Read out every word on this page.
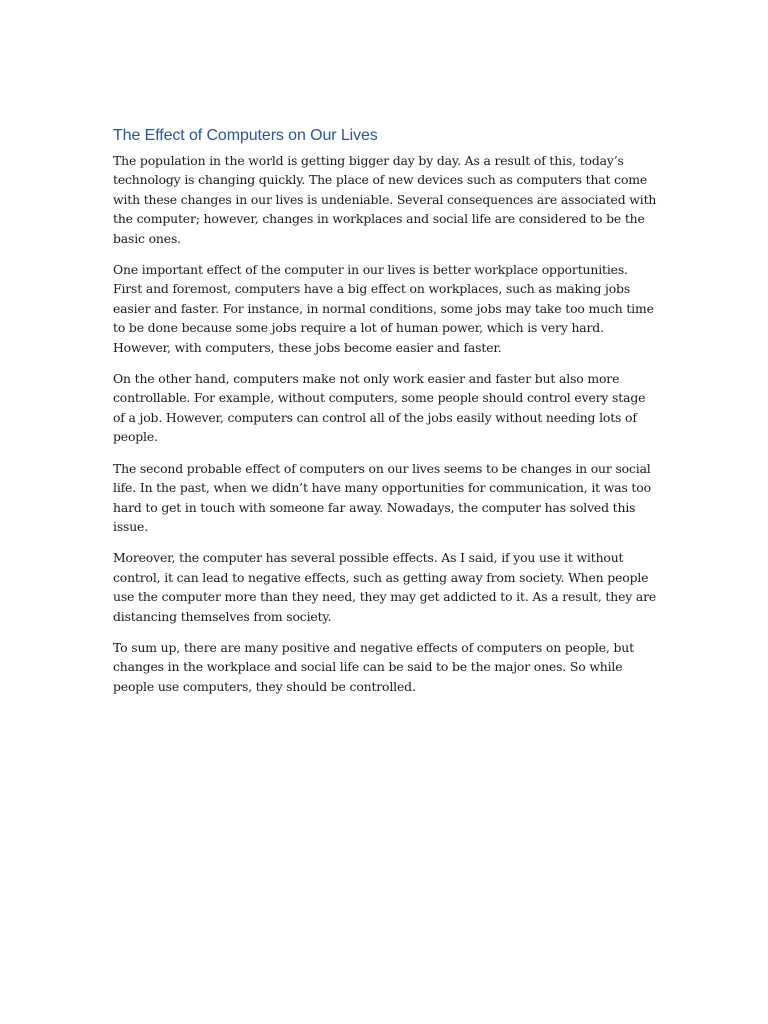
The Effect of Computers on Our Lives

The population in the world is getting bigger day by day. As a result of this, today’s technology is changing quickly. The place of new devices such as computers that come with these changes in our lives is undeniable. Several consequences are associated with the computer; however, changes in workplaces and social life are considered to be the basic ones.

One important effect of the computer in our lives is better workplace opportunities. First and foremost, computers have a big effect on workplaces, such as making jobs easier and faster. For instance, in normal conditions, some jobs may take too much time to be done because some jobs require a lot of human power, which is very hard. However, with computers, these jobs become easier and faster.

On the other hand, computers make not only work easier and faster but also more controllable. For example, without computers, some people should control every stage of a job. However, computers can control all of the jobs easily without needing lots of people.

The second probable effect of computers on our lives seems to be changes in our social life. In the past, when we didn’t have many opportunities for communication, it was too hard to get in touch with someone far away. Nowadays, the computer has solved this issue.

Moreover, the computer has several possible effects. As I said, if you use it without control, it can lead to negative effects, such as getting away from society. When people use the computer more than they need, they may get addicted to it. As a result, they are distancing themselves from society.

To sum up, there are many positive and negative effects of computers on people, but changes in the workplace and social life can be said to be the major ones. So while people use computers, they should be controlled.
